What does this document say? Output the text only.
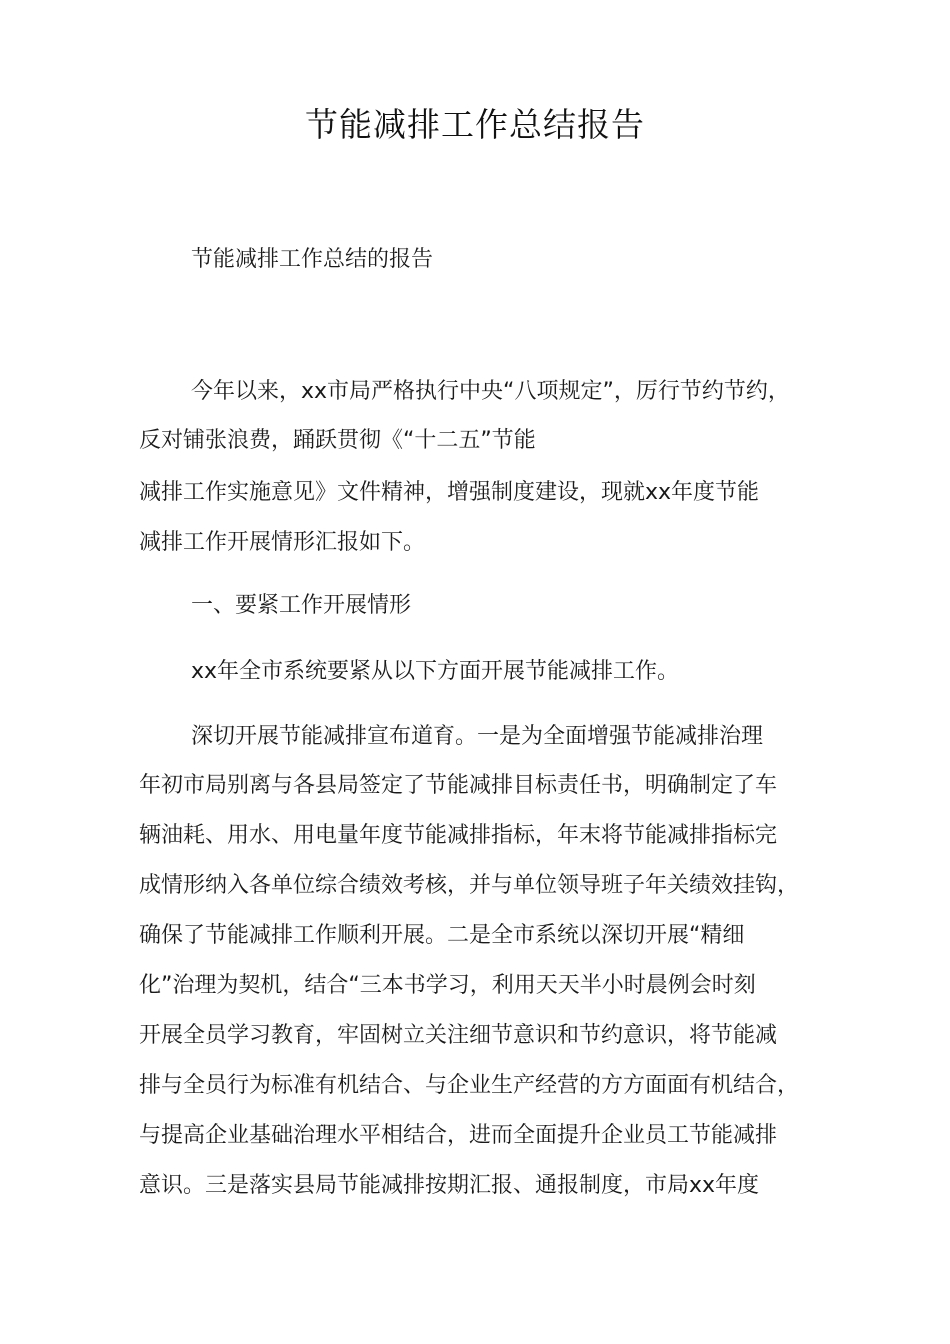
节能减排工作总结报告
节能减排工作总结的报告
今年以来，xx市局严格执行中央“八项规定”，厉行节约节约，
反对铺张浪费，踊跃贯彻《“十二五”节能
减排工作实施意见》文件精神，增强制度建设，现就xx年度节能
减排工作开展情形汇报如下。
一、要紧工作开展情形
xx年全市系统要紧从以下方面开展节能减排工作。
深切开展节能减排宣布道育。一是为全面增强节能减排治理
年初市局别离与各县局签定了节能减排目标责任书，明确制定了车
辆油耗、用水、用电量年度节能减排指标，年末将节能减排指标完
成情形纳入各单位综合绩效考核，并与单位领导班子年关绩效挂钩，
确保了节能减排工作顺利开展。二是全市系统以深切开展“精细
化”治理为契机，结合“三本书学习，利用天天半小时晨例会时刻
开展全员学习教育，牢固树立关注细节意识和节约意识，将节能减
排与全员行为标准有机结合、与企业生产经营的方方面面有机结合，
与提高企业基础治理水平相结合，进而全面提升企业员工节能减排
意识。三是落实县局节能减排按期汇报、通报制度，市局xx年度
